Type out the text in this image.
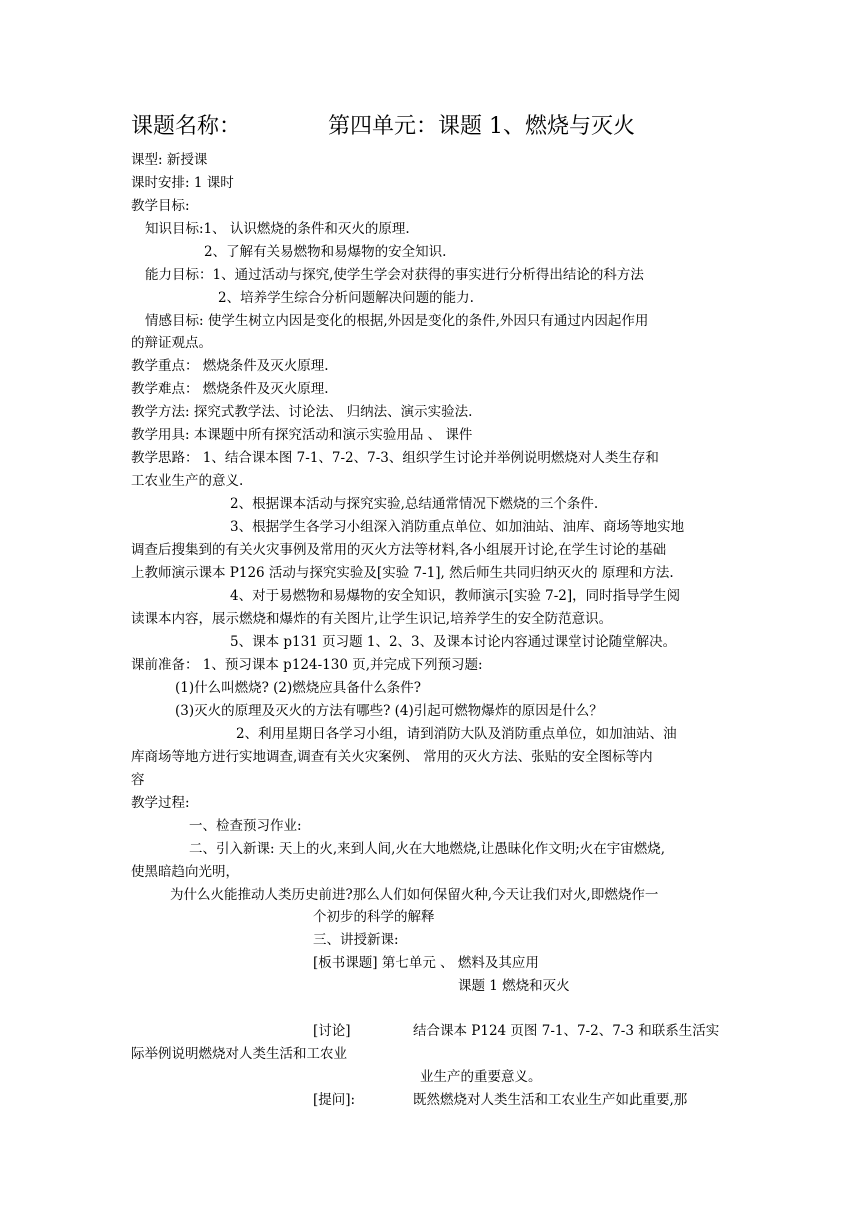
课题名称：	第四单元：课题 1、燃烧与灭火
课型: 新授课
课时安排: 1 课时
教学目标:
知识目标:1、 认识燃烧的条件和灭火的原理.
2、了解有关易燃物和易爆物的安全知识.
能力目标：1、通过活动与探究,使学生学会对获得的事实进行分析得出结论的科方法
2、培养学生综合分析问题解决问题的能力.
情感目标: 使学生树立内因是变化的根据,外因是变化的条件,外因只有通过内因起作用
的辩证观点。
教学重点： 燃烧条件及灭火原理.
教学难点： 燃烧条件及灭火原理.
教学方法: 探究式教学法、讨论法、 归纳法、演示实验法.
教学用具: 本课题中所有探究活动和演示实验用品 、 课件
教学思路： 1、结合课本图 7-1、7-2、7-3、组织学生讨论并举例说明燃烧对人类生存和
工农业生产的意义.
2、根据课本活动与探究实验,总结通常情况下燃烧的三个条件.
3、根据学生各学习小组深入消防重点单位、如加油站、油库、商场等地实地
调查后搜集到的有关火灾事例及常用的灭火方法等材料,各小组展开讨论,在学生讨论的基础
上教师演示课本 P126 活动与探究实验及[实验 7-1], 然后师生共同归纳灭火的 原理和方法.
4、对于易燃物和易爆物的安全知识，教师演示[实验 7-2]，同时指导学生阅
读课本内容，展示燃烧和爆炸的有关图片,让学生识记,培养学生的安全防范意识。
5、课本 p131 页习题 1、2、3、及课本讨论内容通过课堂讨论随堂解决。
课前准备： 1、预习课本 p124-130 页,并完成下列预习题:
(1)什么叫燃烧? (2)燃烧应具备什么条件?
(3)灭火的原理及灭火的方法有哪些? (4)引起可燃物爆炸的原因是什么？
2、利用星期日各学习小组，请到消防大队及消防重点单位，如加油站、油
库商场等地方进行实地调查,调查有关火灾案例、 常用的灭火方法、张贴的安全图标等内
容
教学过程:
一、检查预习作业:
二、引入新课: 天上的火,来到人间,火在大地燃烧,让愚昧化作文明;火在宇宙燃烧,
使黑暗趋向光明，
为什么火能推动人类历史前进?那么人们如何保留火种,今天让我们对火,即燃烧作一
个初步的科学的解释
三、讲授新课:
[板书课题] 第七单元 、 燃料及其应用
课题 1 燃烧和灭火
[讨论]	结合课本 P124 页图 7-1、7-2、7-3 和联系生活实
际举例说明燃烧对人类生活和工农业
业生产的重要意义。
[提问]:	既然燃烧对人类生活和工农业生产如此重要,那
